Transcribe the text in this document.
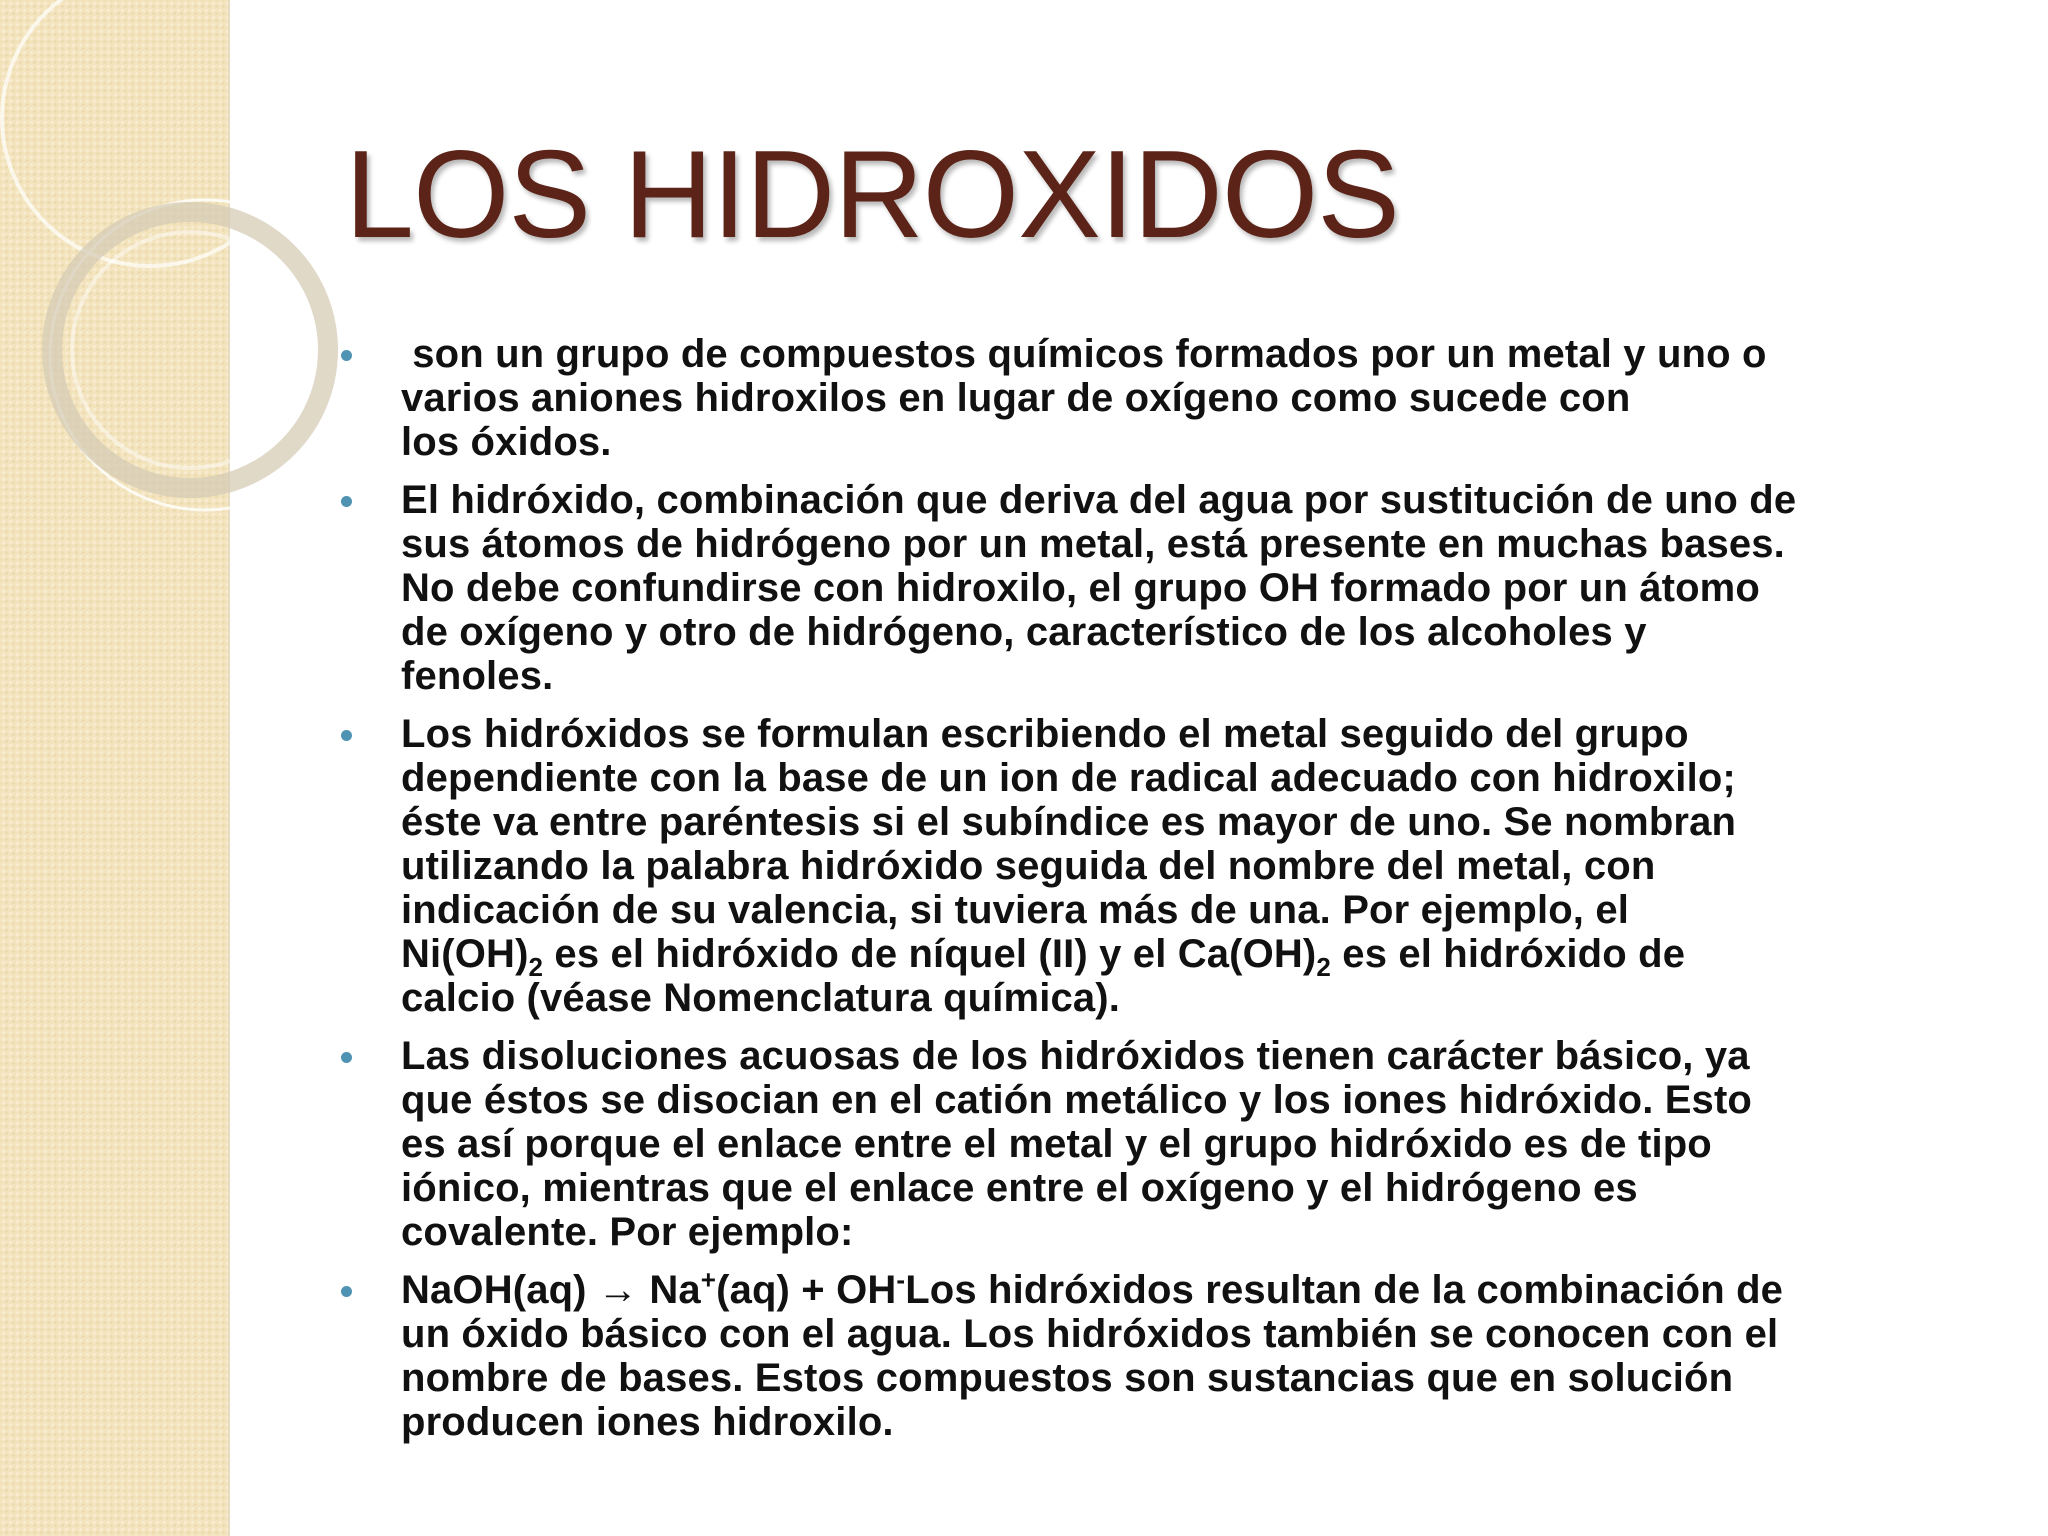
LOS HIDROXIDOS
son un grupo de compuestos químicos formados por un metal y uno o
varios aniones hidroxilos en lugar de oxígeno como sucede con
los óxidos.
El hidróxido, combinación que deriva del agua por sustitución de uno de
sus átomos de hidrógeno por un metal, está presente en muchas bases.
No debe confundirse con hidroxilo, el grupo OH formado por un átomo
de oxígeno y otro de hidrógeno, característico de los alcoholes y
fenoles.
Los hidróxidos se formulan escribiendo el metal seguido del grupo
dependiente con la base de un ion de radical adecuado con hidroxilo;
éste va entre paréntesis si el subíndice es mayor de uno. Se nombran
utilizando la palabra hidróxido seguida del nombre del metal, con
indicación de su valencia, si tuviera más de una. Por ejemplo, el
$Ni(OH)_2$ es el hidróxido de níquel (II) y el $Ca(OH)_2$ es el hidróxido de
calcio (véase Nomenclatura química).
Las disoluciones acuosas de los hidróxidos tienen carácter básico, ya
que éstos se disocian en el catión metálico y los iones hidróxido. Esto
es así porque el enlace entre el metal y el grupo hidróxido es de tipo
iónico, mientras que el enlace entre el oxígeno y el hidrógeno es
covalente. Por ejemplo:
NaOH(aq) → Na+(aq) + OH-Los hidróxidos resultan de la combinación de
un óxido básico con el agua. Los hidróxidos también se conocen con el
nombre de bases. Estos compuestos son sustancias que en solución
producen iones hidroxilo.
